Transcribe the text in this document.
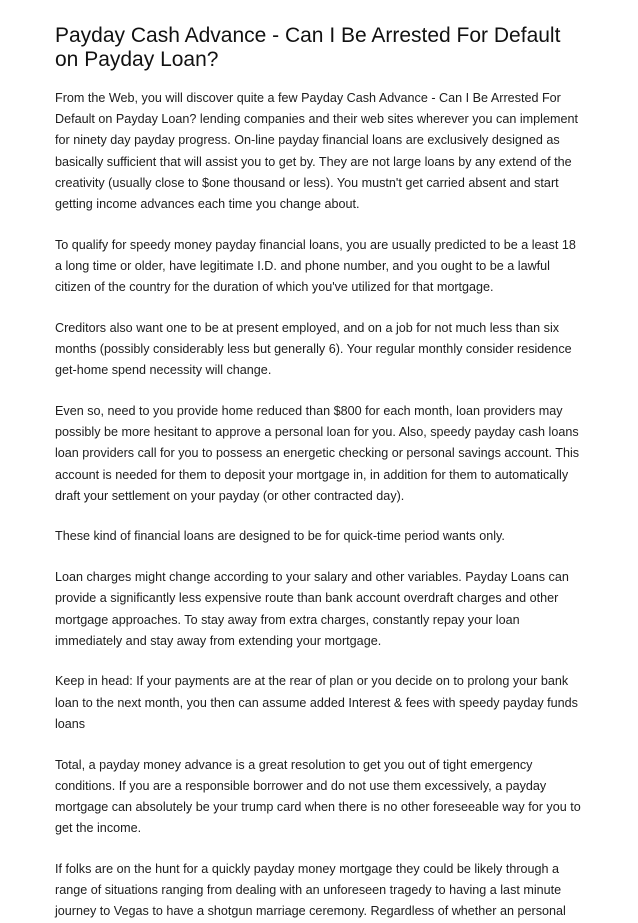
Payday Cash Advance - Can I Be Arrested For Default on Payday Loan?

From the Web, you will discover quite a few Payday Cash Advance - Can I Be Arrested For Default on Payday Loan? lending companies and their web sites wherever you can implement for ninety day payday progress. On-line payday financial loans are exclusively designed as basically sufficient that will assist you to get by. They are not large loans by any extend of the creativity (usually close to $one thousand or less). You mustn't get carried absent and start getting income advances each time you change about.

To qualify for speedy money payday financial loans, you are usually predicted to be a least 18 a long time or older, have legitimate I.D. and phone number, and you ought to be a lawful citizen of the country for the duration of which you've utilized for that mortgage.

Creditors also want one to be at present employed, and on a job for not much less than six months (possibly considerably less but generally 6). Your regular monthly consider residence get-home spend necessity will change.

Even so, need to you provide home reduced than $800 for each month, loan providers may possibly be more hesitant to approve a personal loan for you. Also, speedy payday cash loans loan providers call for you to possess an energetic checking or personal savings account. This account is needed for them to deposit your mortgage in, in addition for them to automatically draft your settlement on your payday (or other contracted day).

These kind of financial loans are designed to be for quick-time period wants only.

Loan charges might change according to your salary and other variables. Payday Loans can provide a significantly less expensive route than bank account overdraft charges and other mortgage approaches. To stay away from extra charges, constantly repay your loan immediately and stay away from extending your mortgage.

Keep in head: If your payments are at the rear of plan or you decide on to prolong your bank loan to the next month, you then can assume added Interest & fees with speedy payday funds loans

Total, a payday money advance is a great resolution to get you out of tight emergency conditions. If you are a responsible borrower and do not use them excessively, a payday mortgage can absolutely be your trump card when there is no other foreseeable way for you to get the income.

If folks are on the hunt for a quickly payday money mortgage they could be likely through a range of situations ranging from dealing with an unforeseen tragedy to having a last minute journey to Vegas to have a shotgun marriage ceremony. Regardless of whether an personal
